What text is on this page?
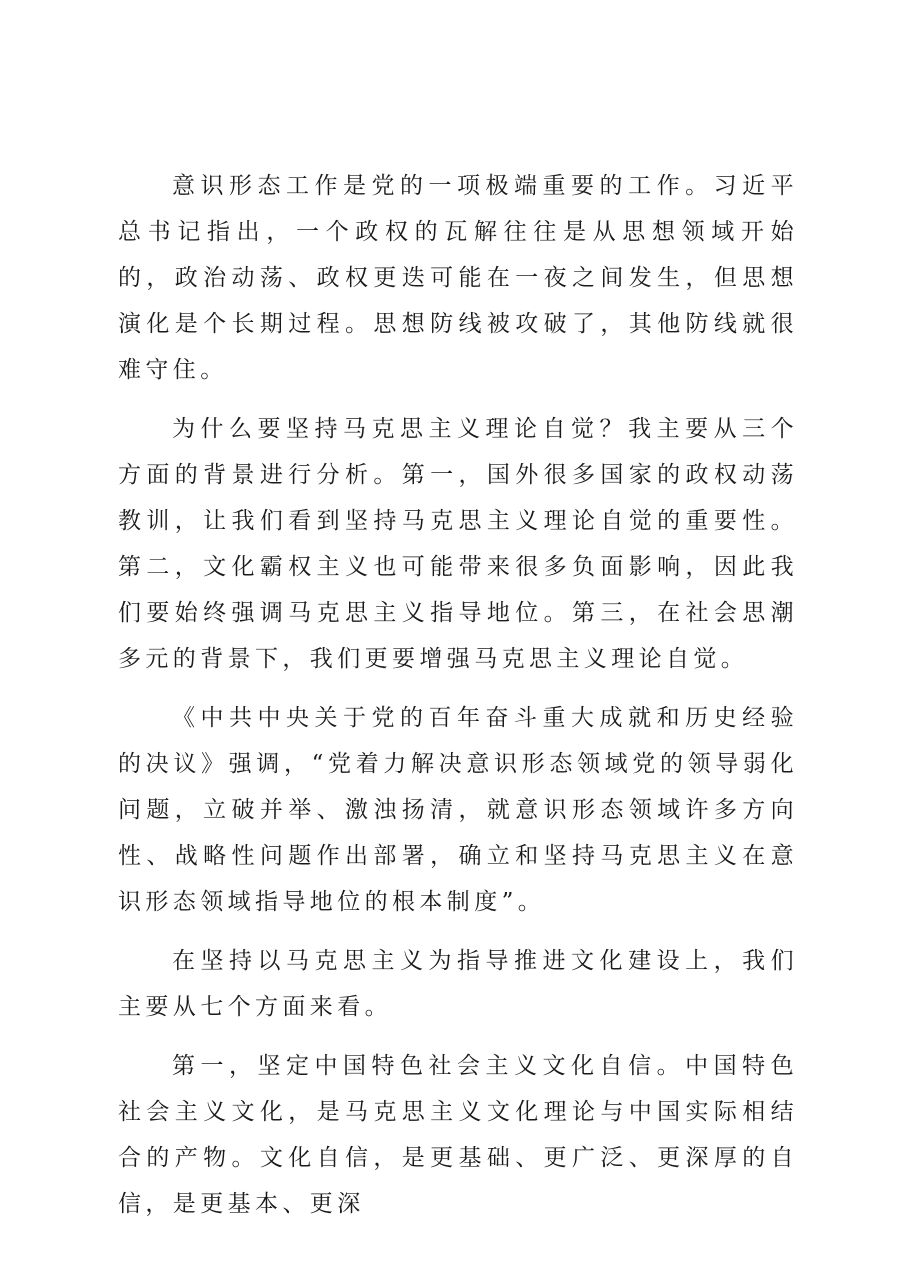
意识形态工作是党的一项极端重要的工作。习近平总书记指出，一个政权的瓦解往往是从思想领域开始的，政治动荡、政权更迭可能在一夜之间发生，但思想演化是个长期过程。思想防线被攻破了，其他防线就很难守住。

为什么要坚持马克思主义理论自觉？我主要从三个方面的背景进行分析。第一，国外很多国家的政权动荡教训，让我们看到坚持马克思主义理论自觉的重要性。第二，文化霸权主义也可能带来很多负面影响，因此我们要始终强调马克思主义指导地位。第三，在社会思潮多元的背景下，我们更要增强马克思主义理论自觉。

《中共中央关于党的百年奋斗重大成就和历史经验的决议》强调，“党着力解决意识形态领域党的领导弱化问题，立破并举、激浊扬清，就意识形态领域许多方向性、战略性问题作出部署，确立和坚持马克思主义在意识形态领域指导地位的根本制度”。

在坚持以马克思主义为指导推进文化建设上，我们主要从七个方面来看。

第一，坚定中国特色社会主义文化自信。中国特色社会主义文化，是马克思主义文化理论与中国实际相结合的产物。文化自信，是更基础、更广泛、更深厚的自信，是更基本、更深
